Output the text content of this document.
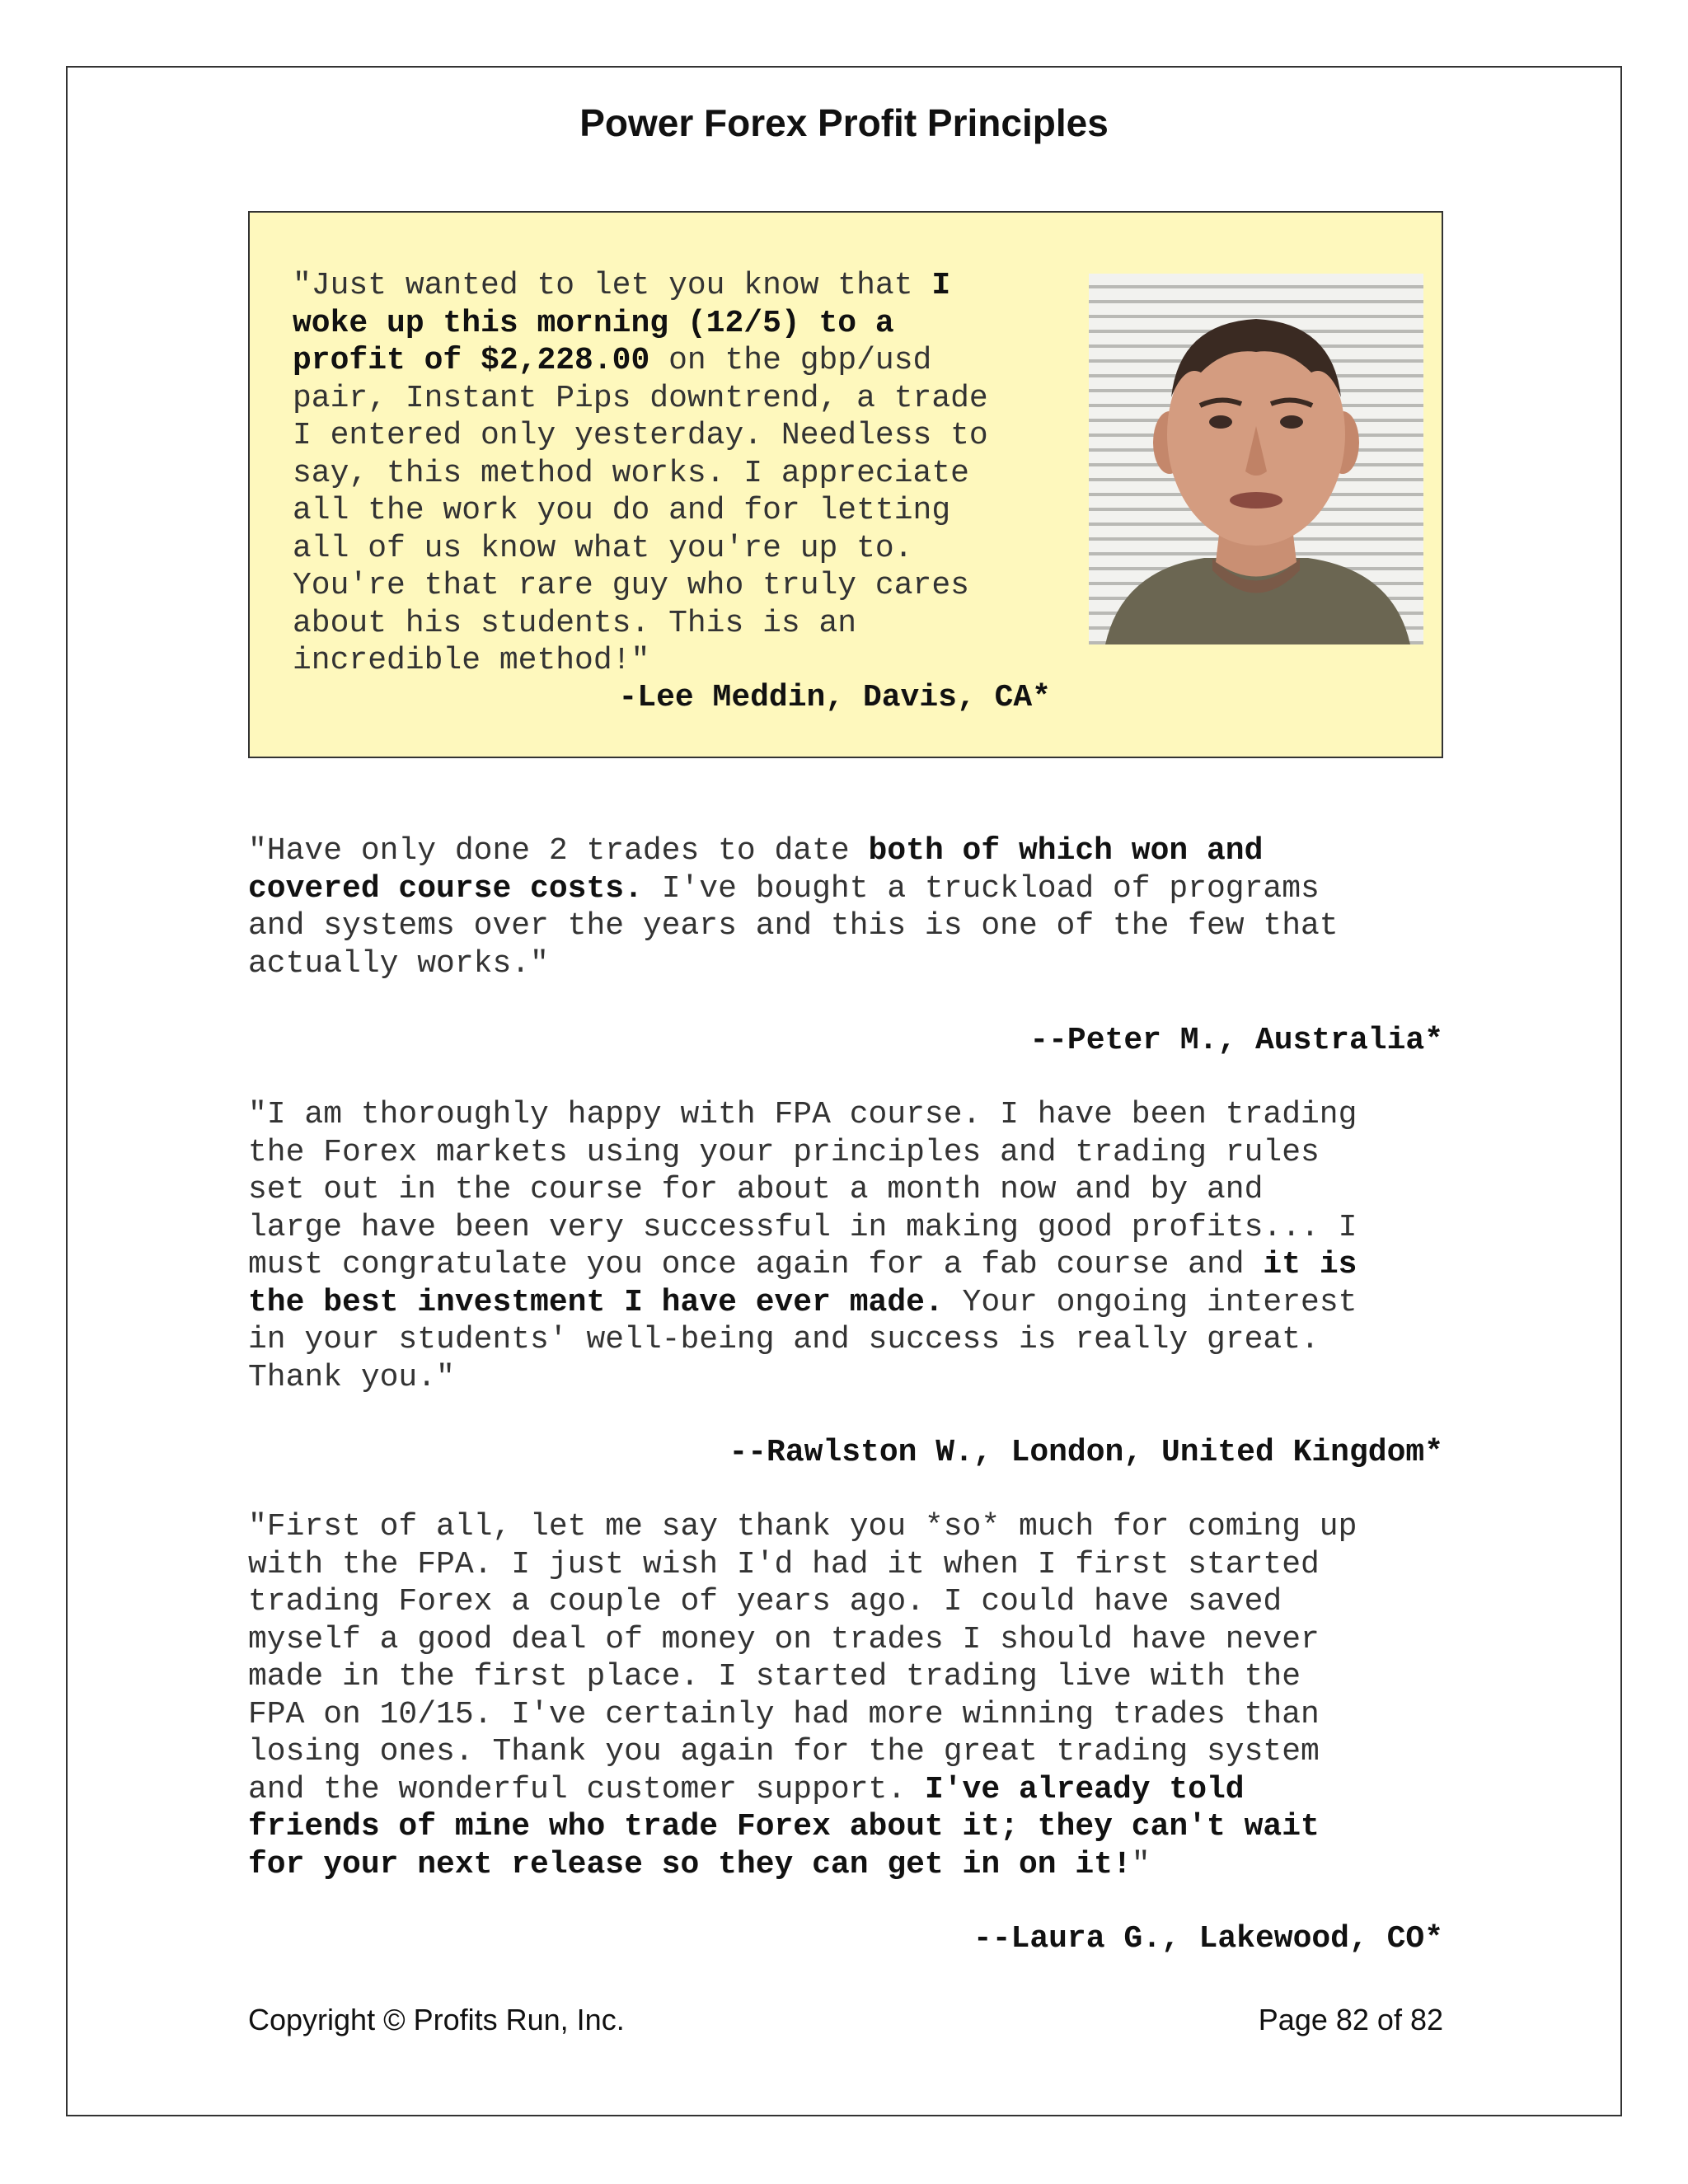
Power Forex Profit Principles
"Just wanted to let you know that I
woke up this morning (12/5) to a
profit of $2,228.00 on the gbp/usd
pair, Instant Pips downtrend, a trade
I entered only yesterday. Needless to
say, this method works. I appreciate
all the work you do and for letting
all of us know what you're up to.
You're that rare guy who truly cares
about his students. This is an
incredible method!"
-Lee Meddin, Davis, CA*
"Have only done 2 trades to date both of which won and
covered course costs. I've bought a truckload of programs
and systems over the years and this is one of the few that
actually works."
--Peter M., Australia*
"I am thoroughly happy with FPA course. I have been trading
the Forex markets using your principles and trading rules
set out in the course for about a month now and by and
large have been very successful in making good profits... I
must congratulate you once again for a fab course and it is
the best investment I have ever made. Your ongoing interest
in your students' well-being and success is really great.
Thank you."
--Rawlston W., London, United Kingdom*
"First of all, let me say thank you *so* much for coming up
with the FPA. I just wish I'd had it when I first started
trading Forex a couple of years ago. I could have saved
myself a good deal of money on trades I should have never
made in the first place. I started trading live with the
FPA on 10/15. I've certainly had more winning trades than
losing ones. Thank you again for the great trading system
and the wonderful customer support. I've already told
friends of mine who trade Forex about it; they can't wait
for your next release so they can get in on it!"
--Laura G., Lakewood, CO*
Copyright © Profits Run, Inc.	Page 82 of 82
